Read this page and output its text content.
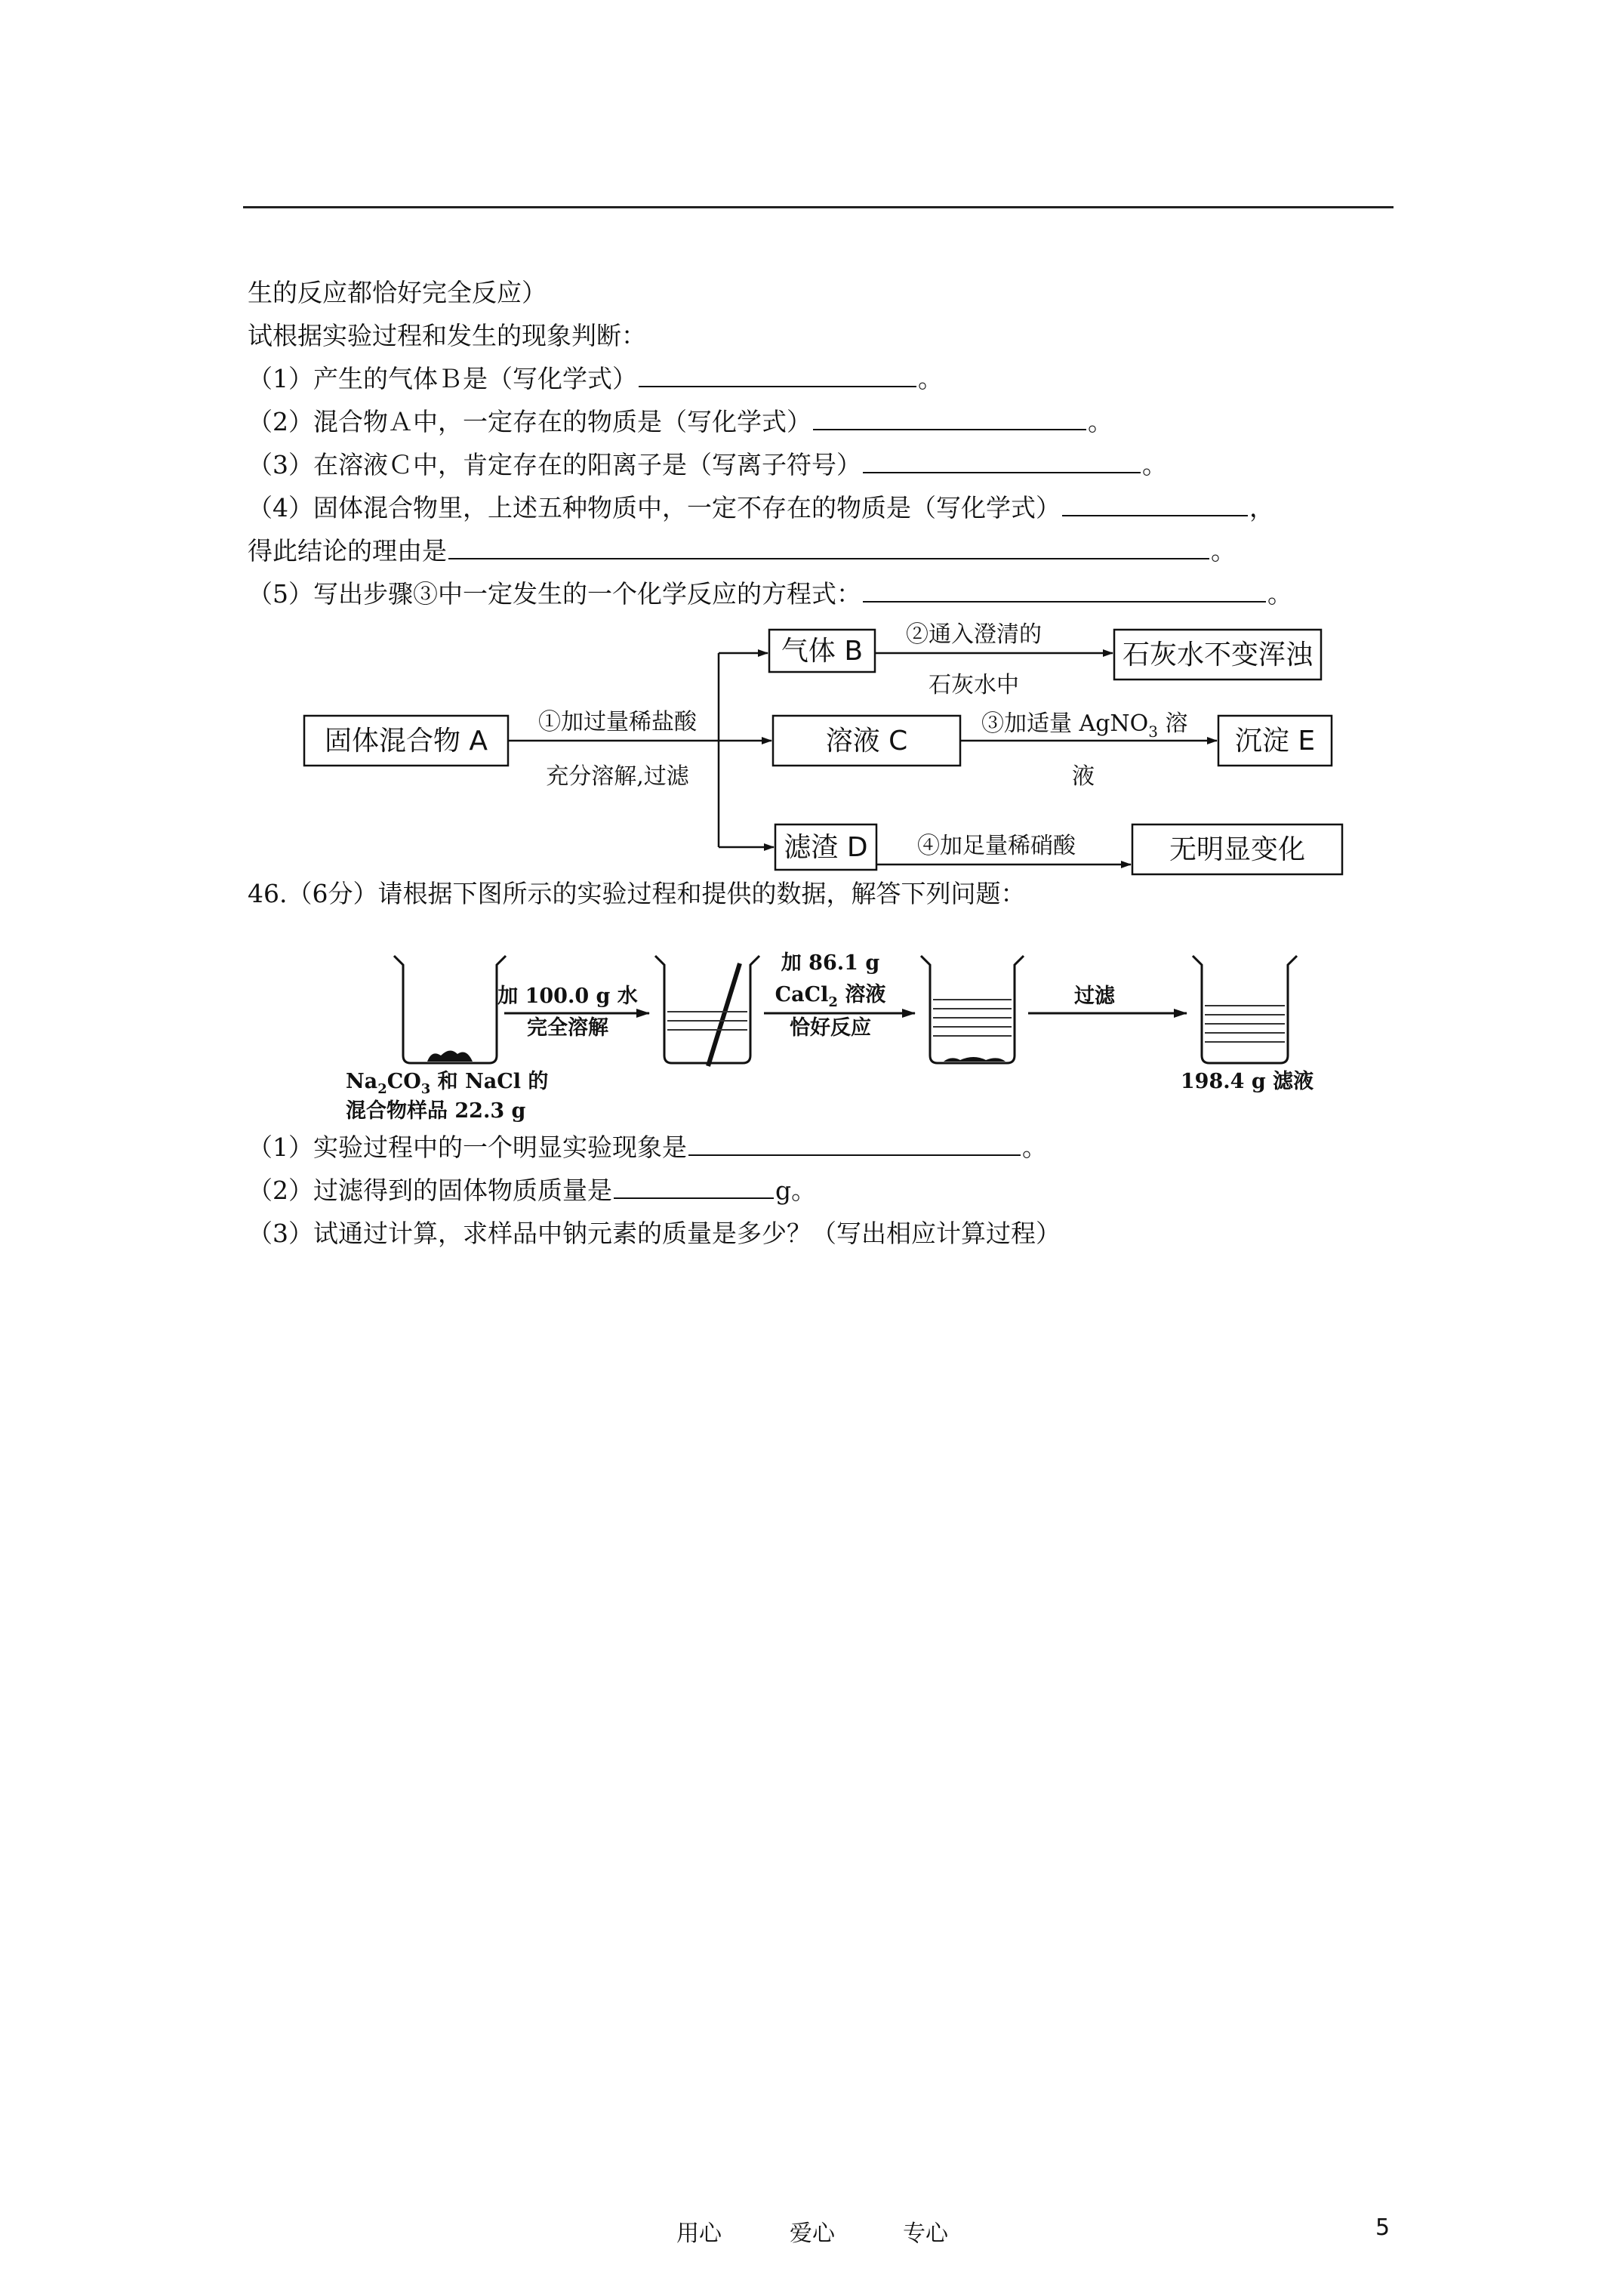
生的反应都恰好完全反应）
试根据实验过程和发生的现象判断：
（1）产生的气体Ｂ是（写化学式）	。
（2）混合物Ａ中，一定存在的物质是（写化学式）	。
（3）在溶液Ｃ中，肯定存在的阳离子是（写离子符号）	。
（4）固体混合物里，上述五种物质中，一定不存在的物质是（写化学式）	，
得此结论的理由是	。
（5）写出步骤③中一定发生的一个化学反应的方程式：	。
固体混合物 A
气体 B	石灰水不变浑浊
溶液 C	沉淀 E
滤渣 D	无明显变化
①加过量稀盐酸
充分溶解,过滤
②通入澄清的
石灰水中
③加适量 AgNO$_3$ 溶
液
④加足量稀硝酸
46.（6分）请根据下图所示的实验过程和提供的数据，解答下列问题：
加 100.0 g 水
完全溶解
加 86.1 g
CaCl$_2$ 溶液
恰好反应
过滤
$Na_2CO_3$ 和 NaCl 的
混合物样品 22.3 g
198.4 g 滤液
（1）实验过程中的一个明显实验现象是	。
（2）过滤得到的固体物质质量是	g。
（3）试通过计算，求样品中钠元素的质量是多少？（写出相应计算过程）
用心　　　爱心　　　专心	5
